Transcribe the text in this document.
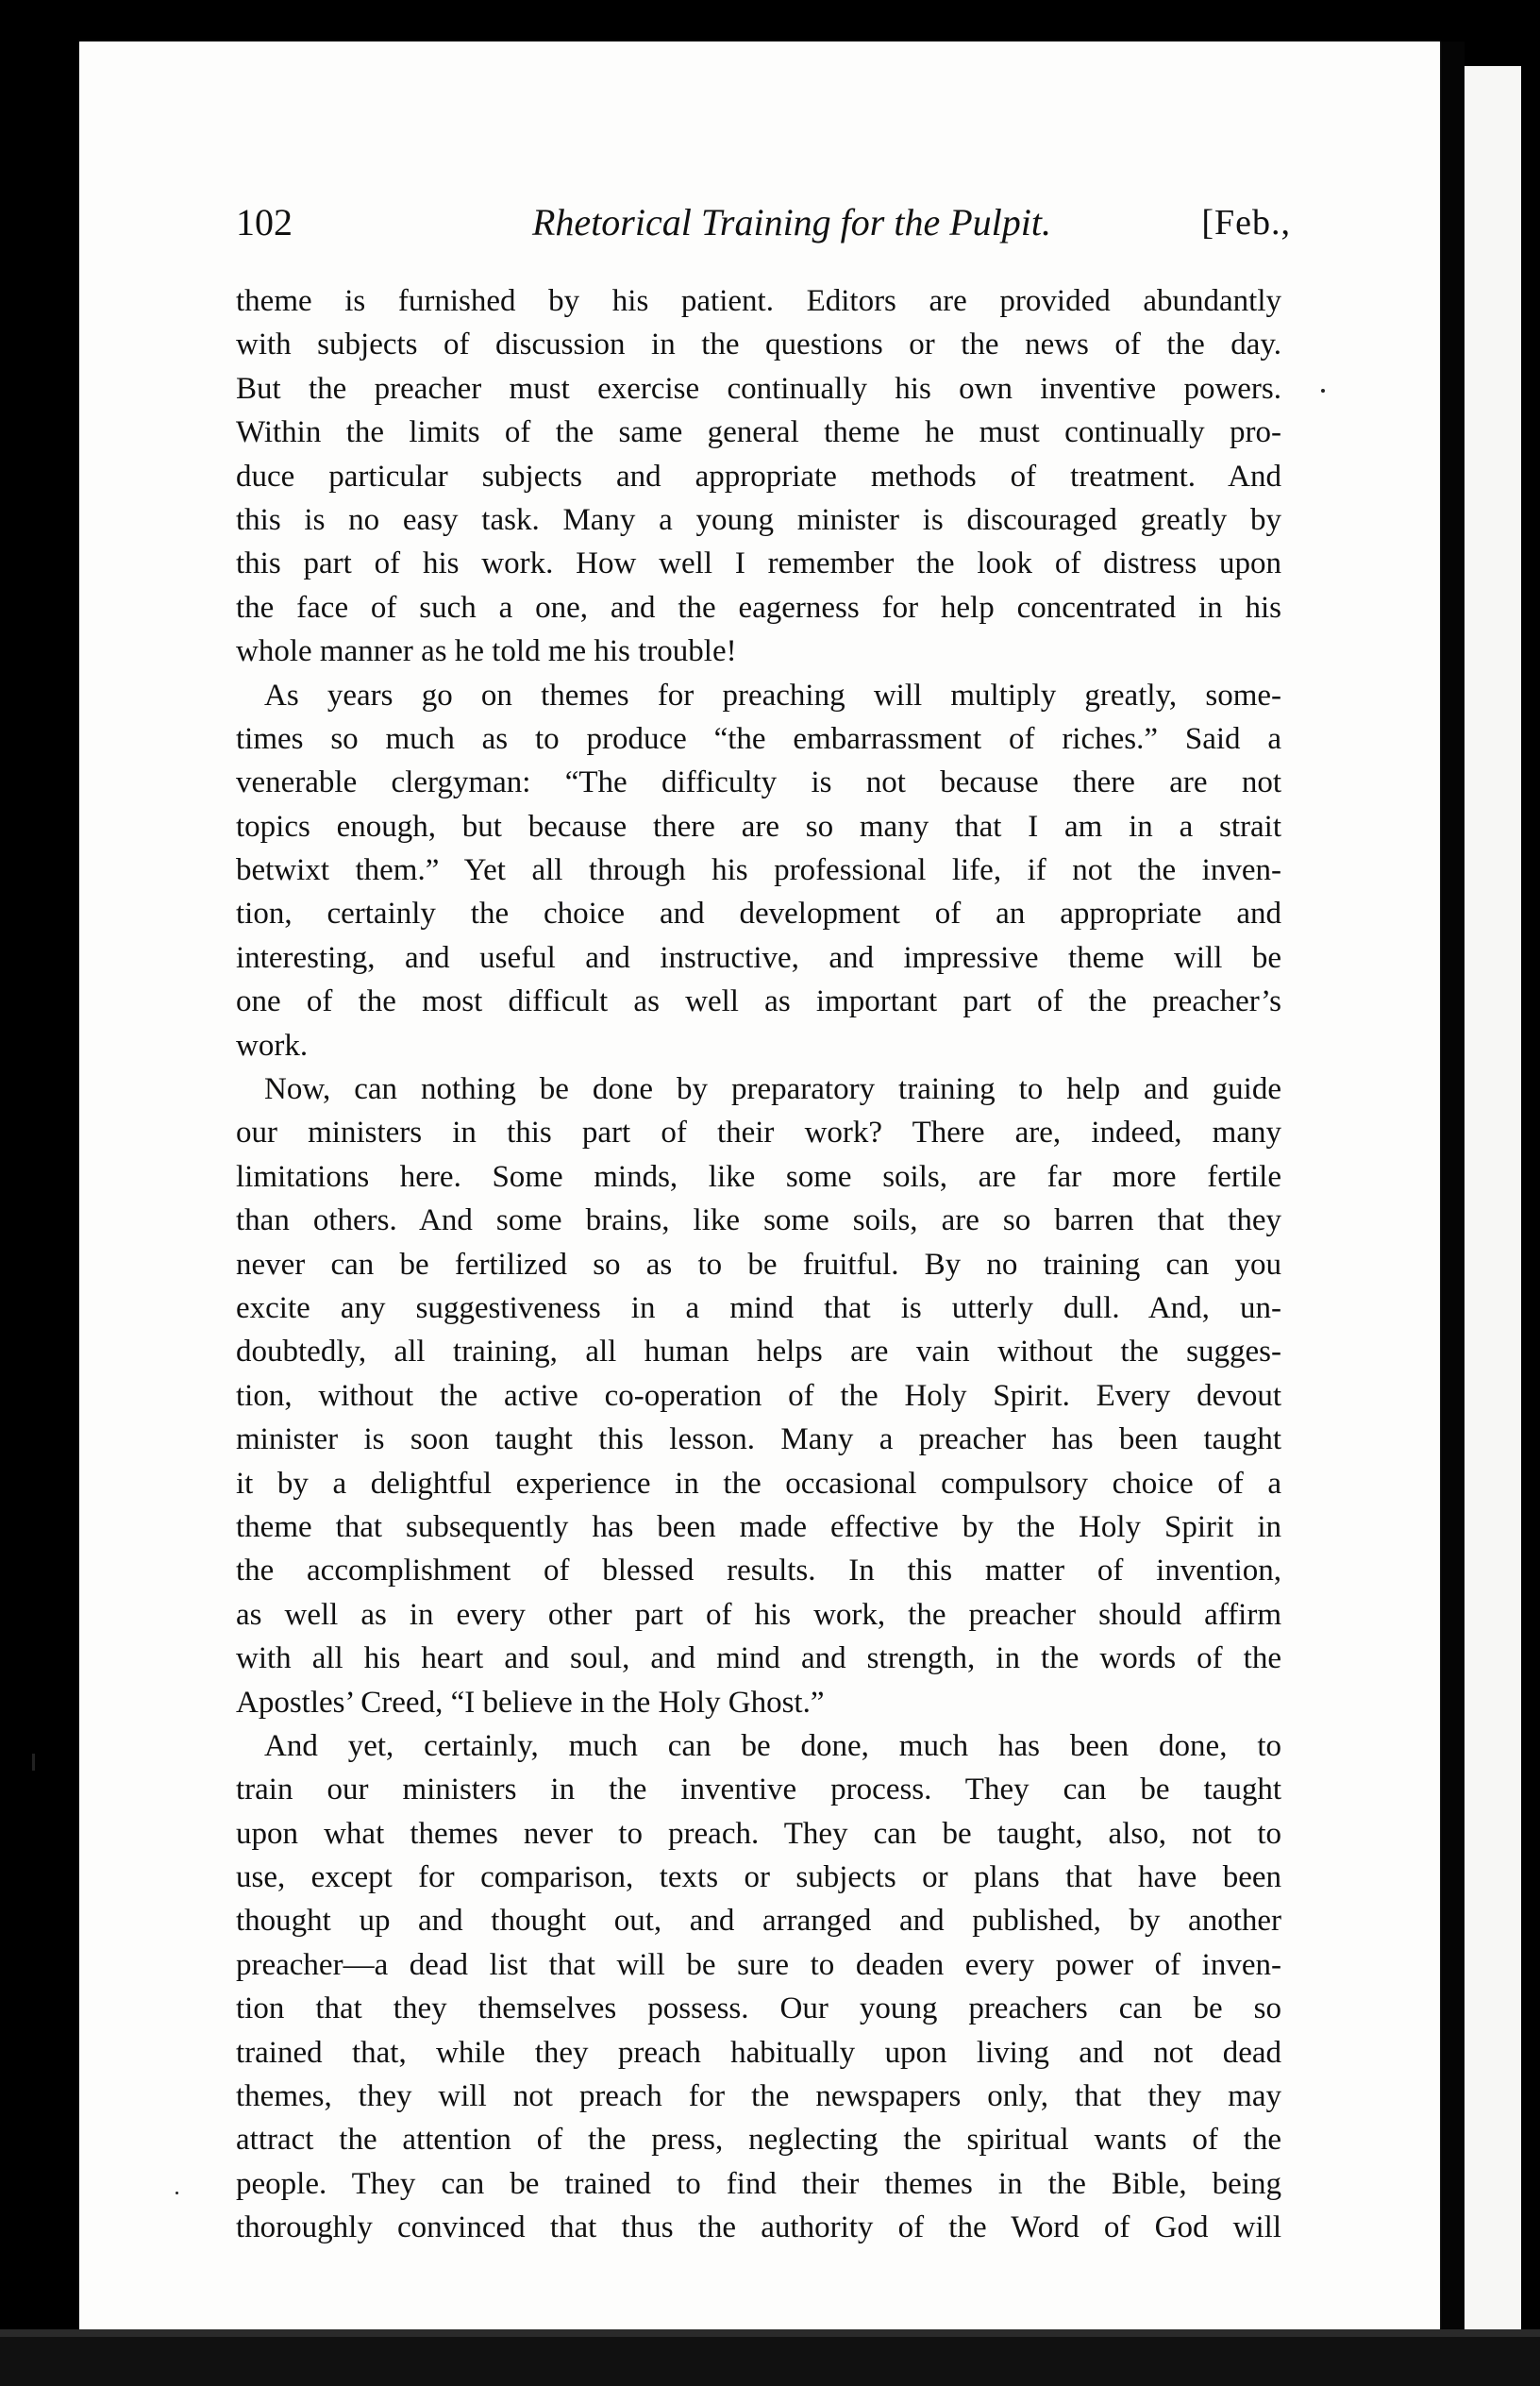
102	Rhetorical Training for the Pulpit.	[Feb.,
theme is furnished by his patient. Editors are provided abundantly
with subjects of discussion in the questions or the news of the day.
But the preacher must exercise continually his own inventive powers.
Within the limits of the same general theme he must continually pro-
duce particular subjects and appropriate methods of treatment. And
this is no easy task. Many a young minister is discouraged greatly by
this part of his work. How well I remember the look of distress upon
the face of such a one, and the eagerness for help concentrated in his
whole manner as he told me his trouble!
As years go on themes for preaching will multiply greatly, some-
times so much as to produce “the embarrassment of riches.” Said a
venerable clergyman: “The difficulty is not because there are not
topics enough, but because there are so many that I am in a strait
betwixt them.” Yet all through his professional life, if not the inven-
tion, certainly the choice and development of an appropriate and
interesting, and useful and instructive, and impressive theme will be
one of the most difficult as well as important part of the preacher’s
work.
Now, can nothing be done by preparatory training to help and guide
our ministers in this part of their work? There are, indeed, many
limitations here. Some minds, like some soils, are far more fertile
than others. And some brains, like some soils, are so barren that they
never can be fertilized so as to be fruitful. By no training can you
excite any suggestiveness in a mind that is utterly dull. And, un-
doubtedly, all training, all human helps are vain without the sugges-
tion, without the active co-operation of the Holy Spirit. Every devout
minister is soon taught this lesson. Many a preacher has been taught
it by a delightful experience in the occasional compulsory choice of a
theme that subsequently has been made effective by the Holy Spirit in
the accomplishment of blessed results. In this matter of invention,
as well as in every other part of his work, the preacher should affirm
with all his heart and soul, and mind and strength, in the words of the
Apostles’ Creed, “I believe in the Holy Ghost.”
And yet, certainly, much can be done, much has been done, to
train our ministers in the inventive process. They can be taught
upon what themes never to preach. They can be taught, also, not to
use, except for comparison, texts or subjects or plans that have been
thought up and thought out, and arranged and published, by another
preacher—a dead list that will be sure to deaden every power of inven-
tion that they themselves possess. Our young preachers can be so
trained that, while they preach habitually upon living and not dead
themes, they will not preach for the newspapers only, that they may
attract the attention of the press, neglecting the spiritual wants of the
people. They can be trained to find their themes in the Bible, being
thoroughly convinced that thus the authority of the Word of God will
